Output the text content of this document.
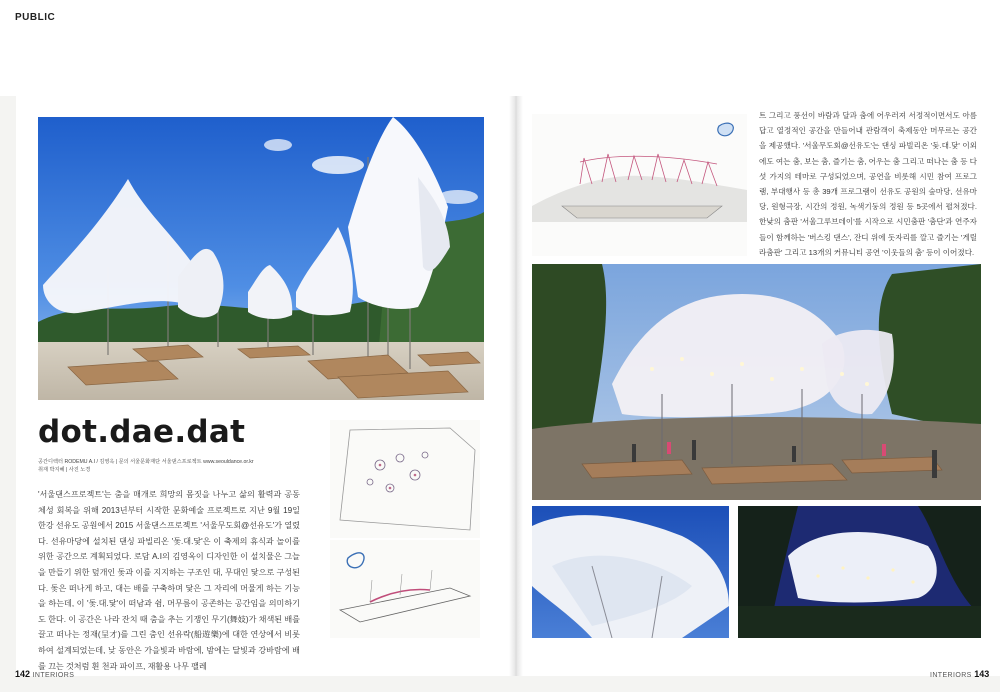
PUBLIC
dot.dae.dat
공간디렉터 RODEMU A.I / 김영옥 | 문의 서울문화재단 서울댄스프로젝트 www.seouldance.or.kr
취재 박지혜 | 사진 노경
'서울댄스프로젝트'는 춤을 매개로 희망의 몸짓을 나누고 삶의 활력과 공동체성 회복을 위해 2013년부터 시작한 문화예술 프로젝트로 지난 9월 19일 한강 선유도 공원에서 2015 서울댄스프로젝트 '서울무도회@선유도'가 열렸다. 선유마당에 설치된 댄싱 파빌리온 '돛.대.닻'은 이 축제의 휴식과 놀이를 위한 공간으로 계획되었다. 로담 A.I의 김영옥이 디자인한 이 설치물은 그늘을 만들기 위한 덮개인 돛과 이를 지지하는 구조인 대, 무대인 닻으로 구성된다. 돛은 떠나게 하고, 대는 배를 구축하며 닻은 그 자리에 머물게 하는 기능을 하는데, 이 '돛.대.닻'이 떠남과 쉼, 머무름이 공존하는 공간임을 의미하기도 한다. 이 공간은 나라 잔치 때 춤을 추는 기쟁인 무기(舞妓)가 채색된 배를 끌고 떠나는 정재(呈才)를 그린 춤인 선유락(船遊樂)에 대한 연상에서 비롯하여 설계되었는데, 낮 동안은 가을빛과 바람에, 밤에는 달빛과 강바람에 배를 끄는 것처럼 흰 천과 파이프, 재활용 나무 팰레
트 그리고 풍선이 바람과 달과 춤에 어우러져 서정적이면서도 아름답고 열정적인 공간을 만들어내 관람객이 축제동안 머무르는 공간을 제공했다. '서울무도회@선유도'는 댄싱 파빌리온 '돛.대.닻' 이외에도 여는 춤, 보는 춤, 즐기는 춤, 어우는 춤 그리고 떠나는 춤 등 다섯 가지의 테마로 구성되었으며, 공연을 비롯해 시민 참여 프로그램, 부대행사 등 총 39개 프로그램이 선유도 공원의 숲마당, 선유마당, 원형극장, 시간의 정원, 녹색기둥의 정원 등 5곳에서 펼쳐졌다. 한낮의 춤판 '서울그루브데이'를 시작으로 시민춤판 '춤단'과 연주자들이 함께하는 '버스킹 댄스', 잔디 위에 돗자리를 깔고 즐기는 '게릴라춤판' 그리고 13개의 커뮤니티 공연 '이웃들의 춤' 등이 이어졌다.
142 INTERIORS	INTERIORS 143
